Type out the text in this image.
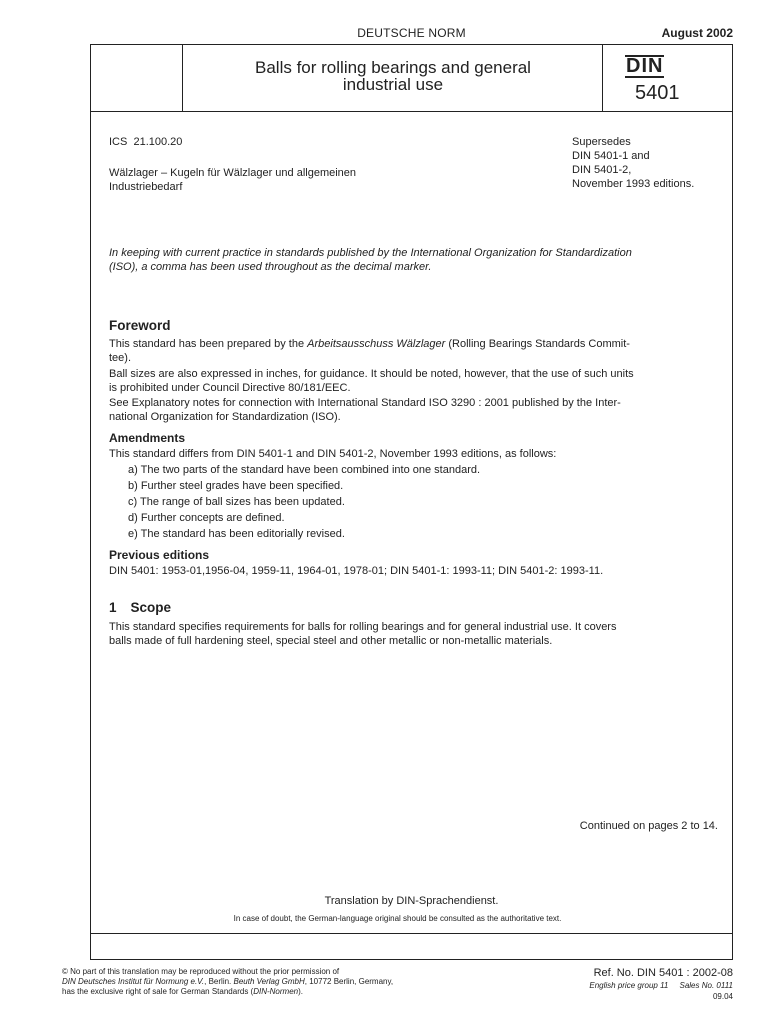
DEUTSCHE NORM	August 2002
Balls for rolling bearings and general
industrial use
DIN
5401
ICS 21.100.20
Wälzlager – Kugeln für Wälzlager und allgemeinen
Industriebedarf
Supersedes
DIN 5401-1 and
DIN 5401-2,
November 1993 editions.
In keeping with current practice in standards published by the International Organization for Standardization
(ISO), a comma has been used throughout as the decimal marker.
Foreword
This standard has been prepared by the Arbeitsausschuss Wälzlager (Rolling Bearings Standards Commit-
tee).
Ball sizes are also expressed in inches, for guidance. It should be noted, however, that the use of such units
is prohibited under Council Directive 80/181/EEC.
See Explanatory notes for connection with International Standard ISO 3290 : 2001 published by the Inter-
national Organization for Standardization (ISO).
Amendments
This standard differs from DIN 5401-1 and DIN 5401-2, November 1993 editions, as follows:
a) The two parts of the standard have been combined into one standard.
b) Further steel grades have been specified.
c) The range of ball sizes has been updated.
d) Further concepts are defined.
e) The standard has been editorially revised.
Previous editions
DIN 5401: 1953-01,1956-04, 1959-11, 1964-01, 1978-01; DIN 5401-1: 1993-11; DIN 5401-2: 1993-11.
1 Scope
This standard specifies requirements for balls for rolling bearings and for general industrial use. It covers
balls made of full hardening steel, special steel and other metallic or non-metallic materials.
Continued on pages 2 to 14.
Translation by DIN-Sprachendienst.
In case of doubt, the German-language original should be consulted as the authoritative text.
© No part of this translation may be reproduced without the prior permission of
DIN Deutsches Institut für Normung e.V., Berlin. Beuth Verlag GmbH, 10772 Berlin, Germany,
has the exclusive right of sale for German Standards (DIN-Normen).
Ref. No. DIN 5401 : 2002-08
English price group 11     Sales No. 0111
09.04
